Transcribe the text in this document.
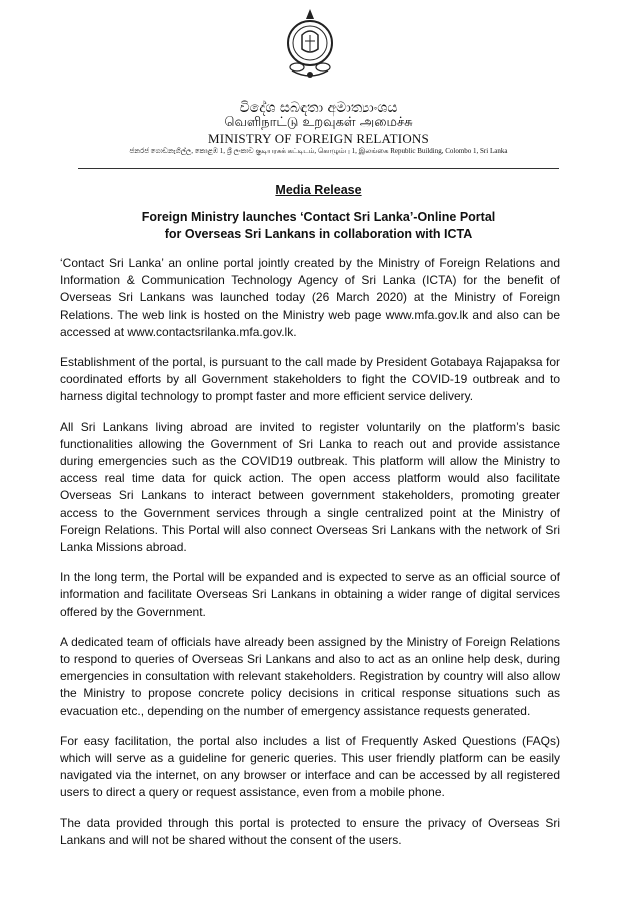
විදේශ සබඳතා අමාත්‍යාංශය
வெளிநாட்டு உறவுகள் அமைச்சு
MINISTRY OF FOREIGN RELATIONS
ජනරජ ගොඩනැගිල්ල, කොළඹ 1, ශ්‍රී ලංකාව குடியரசுக் கட்டிடம், கொழும்பு 1, இலங்கை Republic Building, Colombo 1, Sri Lanka
Media Release
Foreign Ministry launches ‘Contact Sri Lanka’-Online Portal
for Overseas Sri Lankans in collaboration with ICTA

‘Contact Sri Lanka’ an online portal jointly created by the Ministry of Foreign Relations and Information & Communication Technology Agency of Sri Lanka (ICTA) for the benefit of Overseas Sri Lankans was launched today (26 March 2020) at the Ministry of Foreign Relations. The web link is hosted on the Ministry web page www.mfa.gov.lk and also can be accessed at www.contactsrilanka.mfa.gov.lk.

Establishment of the portal, is pursuant to the call made by President Gotabaya Rajapaksa for coordinated efforts by all Government stakeholders to fight the COVID-19 outbreak and to harness digital technology to prompt faster and more efficient service delivery.

All Sri Lankans living abroad are invited to register voluntarily on the platform’s basic functionalities allowing the Government of Sri Lanka to reach out and provide assistance during emergencies such as the COVID19 outbreak. This platform will allow the Ministry to access real time data for quick action. The open access platform would also facilitate Overseas Sri Lankans to interact between government stakeholders, promoting greater access to the Government services through a single centralized point at the Ministry of Foreign Relations. This Portal will also connect Overseas Sri Lankans with the network of Sri Lanka Missions abroad.

In the long term, the Portal will be expanded and is expected to serve as an official source of information and facilitate Overseas Sri Lankans in obtaining a wider range of digital services offered by the Government.

A dedicated team of officials have already been assigned by the Ministry of Foreign Relations to respond to queries of Overseas Sri Lankans and also to act as an online help desk, during emergencies in consultation with relevant stakeholders. Registration by country will also allow the Ministry to propose concrete policy decisions in critical response situations such as evacuation etc., depending on the number of emergency assistance requests generated.

For easy facilitation, the portal also includes a list of Frequently Asked Questions (FAQs) which will serve as a guideline for generic queries. This user friendly platform can be easily navigated via the internet, on any browser or interface and can be accessed by all registered users to direct a query or request assistance, even from a mobile phone.

The data provided through this portal is protected to ensure the privacy of Overseas Sri Lankans and will not be shared without the consent of the users.
